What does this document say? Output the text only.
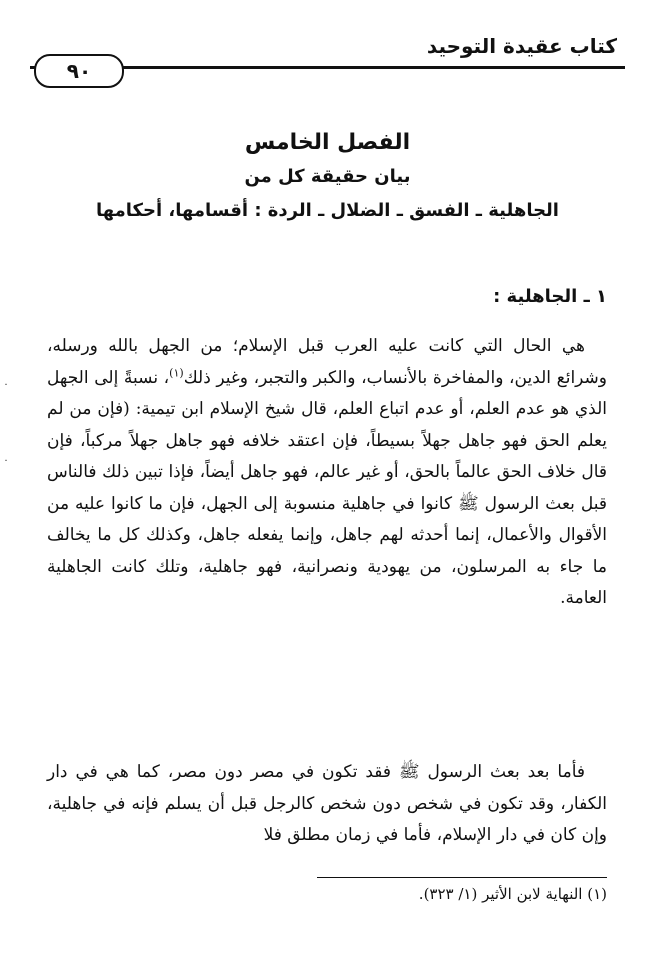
كتاب عقيدة التوحيد
٩٠
الفصل الخامس
بيان حقيقة كل من
الجاهلية ـ الفسق ـ الضلال ـ الردة : أقسامها، أحكامها
١ ـ الجاهلية :

هي الحال التي كانت عليه العرب قبل الإسلام؛ من الجهل بالله ورسله، وشرائع الدين، والمفاخرة بالأنساب، والكبر والتجبر، وغير ذلك$^{(١)}$، نسبةً إلى الجهل الذي هو عدم العلم، أو عدم اتباع العلم، قال شيخ الإسلام ابن تيمية: (فإن من لم يعلم الحق فهو جاهل جهلاً بسيطاً، فإن اعتقد خلافه فهو جاهل جهلاً مركباً، فإن قال خلاف الحق عالماً بالحق، أو غير عالم، فهو جاهل أيضاً، فإذا تبين ذلك فالناس قبل بعث الرسول ﷺ كانوا في جاهلية منسوبة إلى الجهل، فإن ما كانوا عليه من الأقوال والأعمال، إنما أحدثه لهم جاهل، وإنما يفعله جاهل، وكذلك كل ما يخالف ما جاء به المرسلون، من يهودية ونصرانية، فهو جاهلية، وتلك كانت الجاهلية العامة.

فأما بعد بعث الرسول ﷺ فقد تكون في مصر دون مصر، كما هي في دار الكفار، وقد تكون في شخص دون شخص كالرجل قبل أن يسلم فإنه في جاهلية، وإن كان في دار الإسلام، فأما في زمان مطلق فلا

(١) النهاية لابن الأثير (١/ ٣٢٣).
˙
˙
